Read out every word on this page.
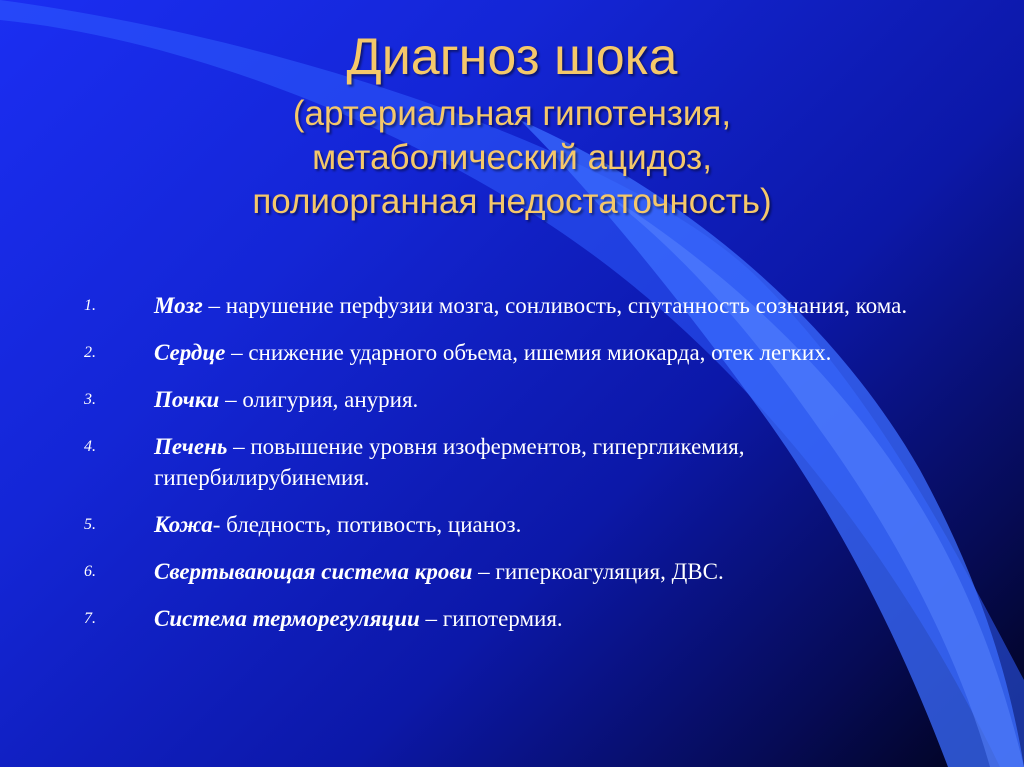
Диагноз шока
(артериальная гипотензия,
метаболический ацидоз,
полиорганная недостаточность)
1.	Мозг – нарушение перфузии мозга, сонливость, спутанность сознания, кома.
2.	Сердце – снижение ударного объема, ишемия миокарда, отек легких.
3.	Почки – олигурия, анурия.
4.	Печень – повышение уровня изоферментов, гипергликемия, гипербилирубинемия.
5.	Кожа- бледность, потивость, цианоз.
6.	Свертывающая система крови – гиперкоагуляция, ДВС.
7.	Система терморегуляции – гипотермия.
